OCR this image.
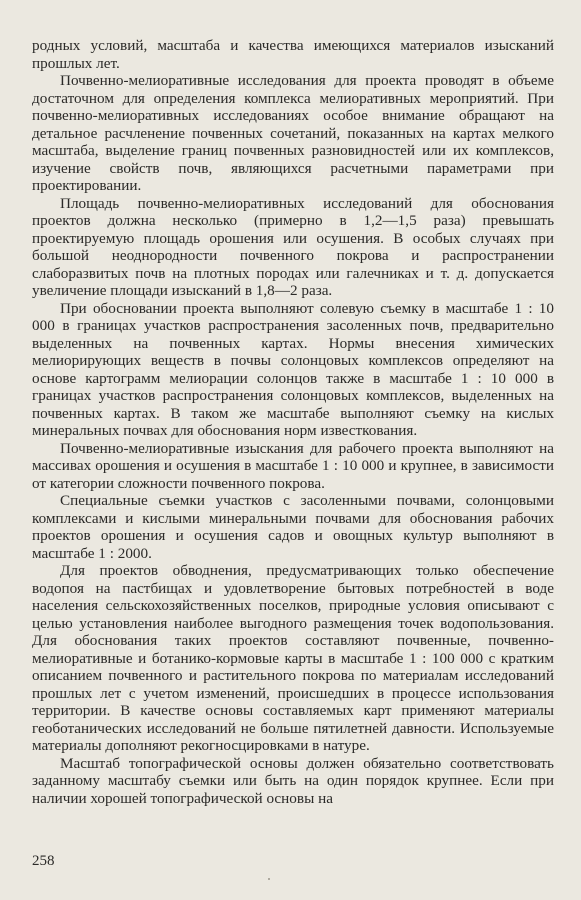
родных условий, масштаба и качества имеющихся материалов изысканий прошлых лет.

Почвенно-мелиоративные исследования для проекта проводят в объеме достаточном для определения комплекса мелиоративных мероприятий. При почвенно-мелиоративных исследованиях особое внимание обращают на детальное расчленение почвенных сочетаний, показанных на картах мелкого масштаба, выделение границ почвенных разновидностей или их комплексов, изучение свойств почв, являющихся расчетными параметрами при проектировании.

Площадь почвенно-мелиоративных исследований для обоснования проектов должна несколько (примерно в 1,2—1,5 раза) превышать проектируемую площадь орошения или осушения. В особых случаях при большой неоднородности почвенного покрова и распространении слаборазвитых почв на плотных породах или галечниках и т. д. допускается увеличение площади изысканий в 1,8—2 раза.

При обосновании проекта выполняют солевую съемку в масштабе 1 : 10 000 в границах участков распространения засоленных почв, предварительно выделенных на почвенных картах. Нормы внесения химических мелиорирующих веществ в почвы солонцовых комплексов определяют на основе картограмм мелиорации солонцов также в масштабе 1 : 10 000 в границах участков распространения солонцовых комплексов, выделенных на почвенных картах. В таком же масштабе выполняют съемку на кислых минеральных почвах для обоснования норм известкования.

Почвенно-мелиоративные изыскания для рабочего проекта выполняют на массивах орошения и осушения в масштабе 1 : 10 000 и крупнее, в зависимости от категории сложности почвенного покрова.

Специальные съемки участков с засоленными почвами, солонцовыми комплексами и кислыми минеральными почвами для обоснования рабочих проектов орошения и осушения садов и овощных культур выполняют в масштабе 1 : 2000.

Для проектов обводнения, предусматривающих только обеспечение водопоя на пастбищах и удовлетворение бытовых потребностей в воде населения сельскохозяйственных поселков, природные условия описывают с целью установления наиболее выгодного размещения точек водопользования. Для обоснования таких проектов составляют почвенные, почвенно-мелиоративные и ботанико-кормовые карты в масштабе 1 : 100 000 с кратким описанием почвенного и растительного покрова по материалам исследований прошлых лет с учетом изменений, происшедших в процессе использования территории. В качестве основы составляемых карт применяют материалы геоботанических исследований не больше пятилетней давности. Используемые материалы дополняют рекогносцировками в натуре.

Масштаб топографической основы должен обязательно соответствовать заданному масштабу съемки или быть на один порядок крупнее. Если при наличии хорошей топографической основы на

258
